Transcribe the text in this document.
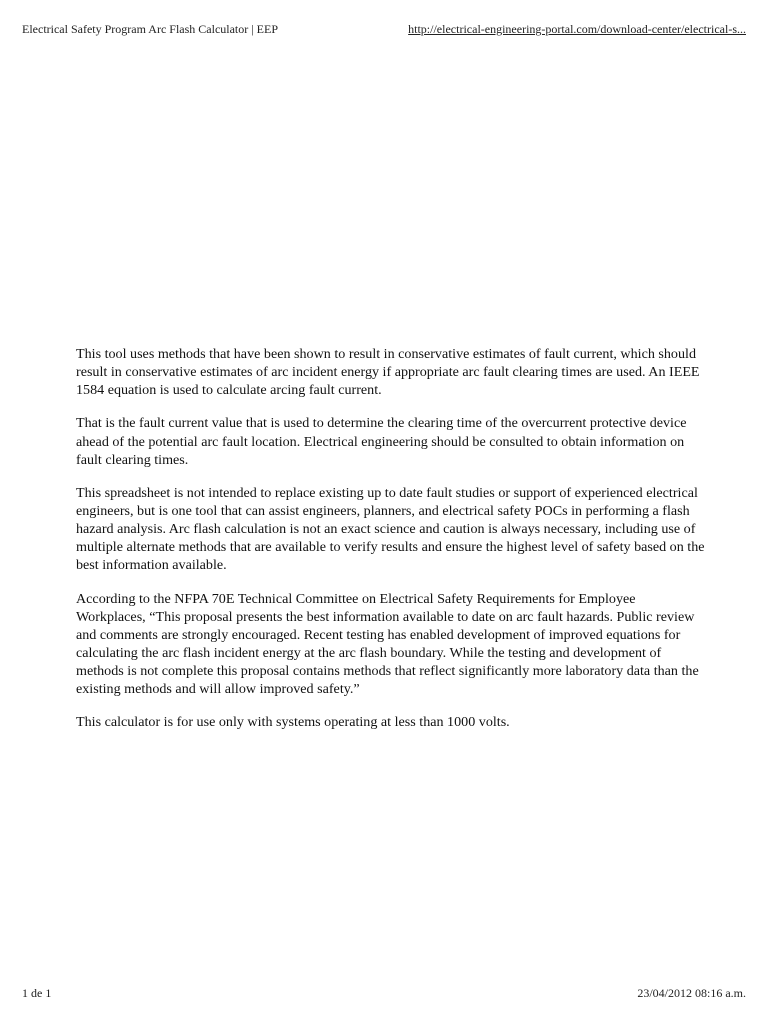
Electrical Safety Program Arc Flash Calculator | EEP	http://electrical-engineering-portal.com/download-center/electrical-s...

This tool uses methods that have been shown to result in conservative estimates of fault current, which should result in conservative estimates of arc incident energy if appropriate arc fault clearing times are used. An IEEE 1584 equation is used to calculate arcing fault current.

That is the fault current value that is used to determine the clearing time of the overcurrent protective device ahead of the potential arc fault location. Electrical engineering should be consulted to obtain information on fault clearing times.

This spreadsheet is not intended to replace existing up to date fault studies or support of experienced electrical engineers, but is one tool that can assist engineers, planners, and electrical safety POCs in performing a flash hazard analysis. Arc flash calculation is not an exact science and caution is always necessary, including use of multiple alternate methods that are available to verify results and ensure the highest level of safety based on the best information available.

According to the NFPA 70E Technical Committee on Electrical Safety Requirements for Employee Workplaces, “This proposal presents the best information available to date on arc fault hazards. Public review and comments are strongly encouraged. Recent testing has enabled development of improved equations for calculating the arc flash incident energy at the arc flash boundary. While the testing and development of methods is not complete this proposal contains methods that reflect significantly more laboratory data than the existing methods and will allow improved safety.”

This calculator is for use only with systems operating at less than 1000 volts.

1 de 1	23/04/2012 08:16 a.m.
